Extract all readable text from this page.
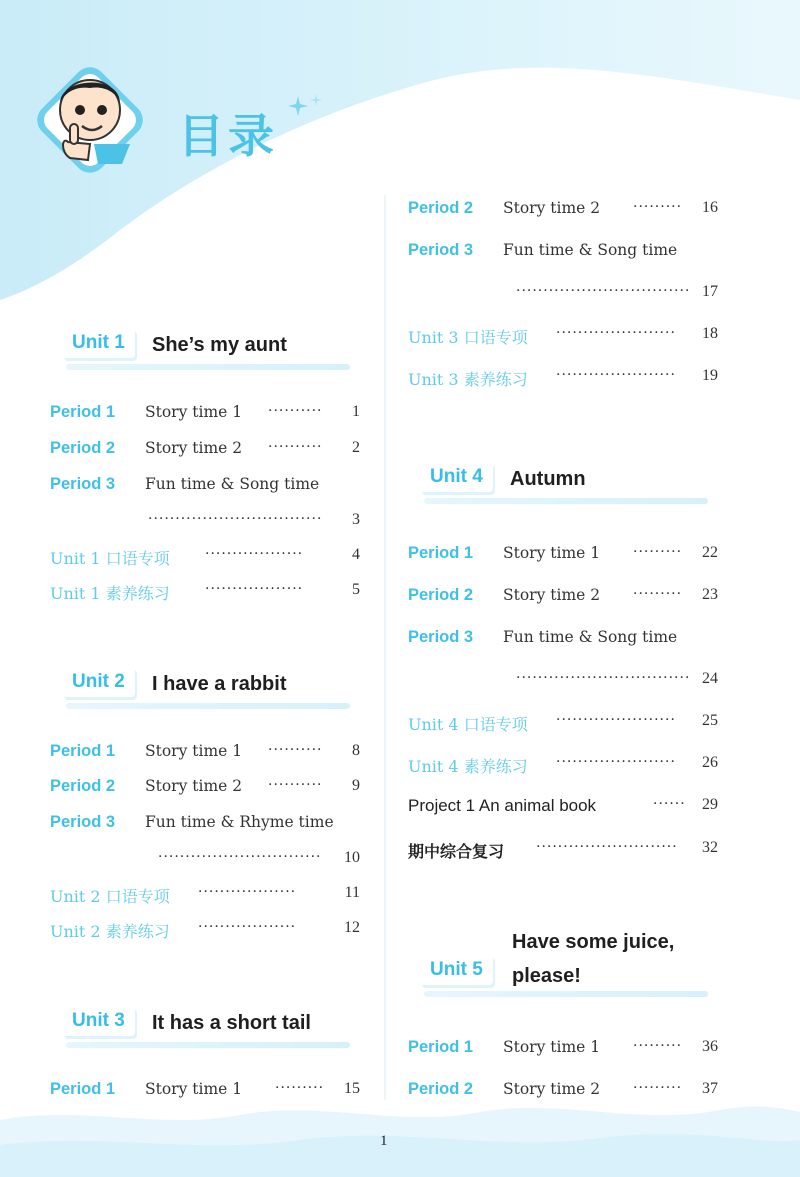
目录
Unit 1	She’s my aunt
Period 1 Story time 1 ·········· 1
Period 2 Story time 2 ·········· 2
Period 3 Fun time & Song time
································ 3
Unit 1 口语专项	··················	4
Unit 1 素养练习	··················	5
Unit 2	I have a rabbit
Period 1 Story time 1 ·········· 8
Period 2 Story time 2 ·········· 9
Period 3 Fun time & Rhyme time
······························ 10
Unit 2 口语专项 ··················	11
Unit 2 素养练习 ··················	12
Unit 3	It has a short tail
Period 1 Story time 1 ········· 15
Period 2 Story time 2 ········· 16
Period 3 Fun time & Song time
································ 17
Unit 3 口语专项 ······················ 18
Unit 3 素养练习 ······················ 19
Unit 4	Autumn
Period 1 Story time 1 ········· 22
Period 2 Story time 2 ········· 23
Period 3 Fun time & Song time
································ 24
Unit 4 口语专项 ······················ 25
Unit 4 素养练习 ······················ 26
Project 1 An animal book	······ 29
期中综合复习 ·························· 32
Unit 5
Have some juice,
please!
Period 1 Story time 1 ········· 36
Period 2 Story time 2 ········· 37
1
